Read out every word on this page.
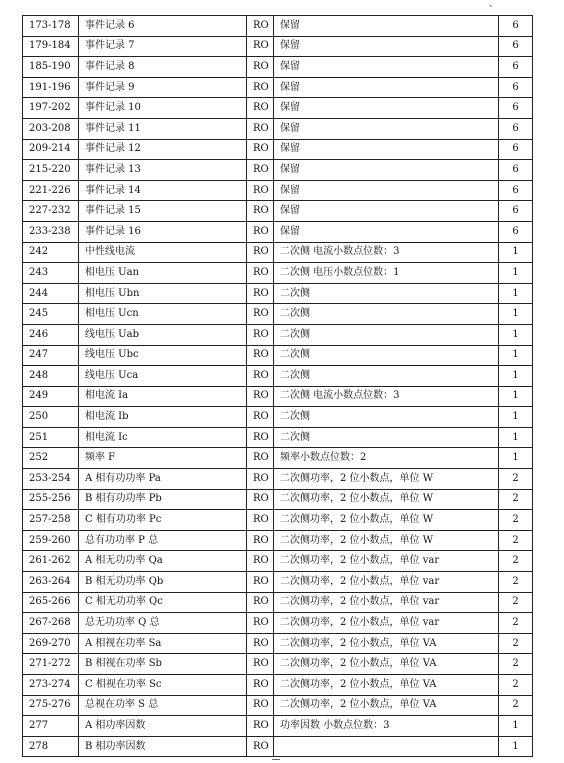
、
173-178	事件记录 6	RO	保留	6
179-184	事件记录 7	RO	保留	6
185-190	事件记录 8	RO	保留	6
191-196	事件记录 9	RO	保留	6
197-202	事件记录 10	RO	保留	6
203-208	事件记录 11	RO	保留	6
209-214	事件记录 12	RO	保留	6
215-220	事件记录 13	RO	保留	6
221-226	事件记录 14	RO	保留	6
227-232	事件记录 15	RO	保留	6
233-238	事件记录 16	RO	保留	6
242	中性线电流	RO	二次侧 电流小数点位数：3	1
243	相电压 Uan	RO	二次侧 电压小数点位数：1	1
244	相电压 Ubn	RO	二次侧	1
245	相电压 Ucn	RO	二次侧	1
246	线电压 Uab	RO	二次侧	1
247	线电压 Ubc	RO	二次侧	1
248	线电压 Uca	RO	二次侧	1
249	相电流 Ia	RO	二次侧 电流小数点位数：3	1
250	相电流 Ib	RO	二次侧	1
251	相电流 Ic	RO	二次侧	1
252	频率 F	RO	频率小数点位数：2	1
253-254	A 相有功功率 Pa	RO	二次侧功率，2 位小数点，单位 W	2
255-256	B 相有功功率 Pb	RO	二次侧功率，2 位小数点，单位 W	2
257-258	C 相有功功率 Pc	RO	二次侧功率，2 位小数点，单位 W	2
259-260	总有功功率 P 总	RO	二次侧功率，2 位小数点，单位 W	2
261-262	A 相无功功率 Qa	RO	二次侧功率，2 位小数点，单位 var	2
263-264	B 相无功功率 Qb	RO	二次侧功率，2 位小数点，单位 var	2
265-266	C 相无功功率 Qc	RO	二次侧功率，2 位小数点，单位 var	2
267-268	总无功功率 Q 总	RO	二次侧功率，2 位小数点，单位 var	2
269-270	A 相视在功率 Sa	RO	二次侧功率，2 位小数点，单位 VA	2
271-272	B 相视在功率 Sb	RO	二次侧功率，2 位小数点，单位 VA	2
273-274	C 相视在功率 Sc	RO	二次侧功率，2 位小数点，单位 VA	2
275-276	总视在功率 S 总	RO	二次侧功率，2 位小数点，单位 VA	2
277	A 相功率因数	RO	功率因数 小数点位数：3	1
278	B 相功率因数	RO		1
